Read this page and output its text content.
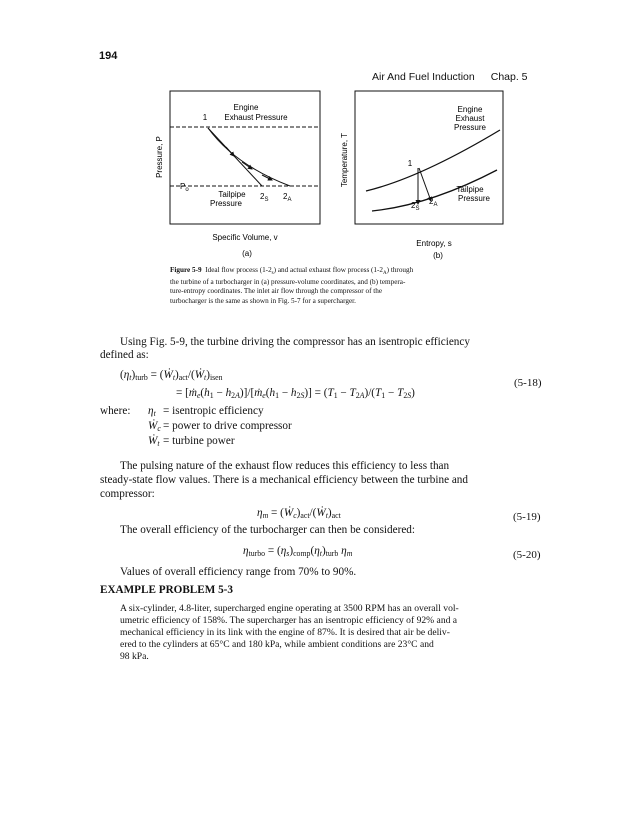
194
Air And Fuel Induction Chap. 5
Engine
Exhaust Pressure
1
$P_o$	Tailpipe
Pressure
$2_S$ $2_A$
Pressure, P
Specific Volume, v
(a)
Engine
Exhaust
Pressure
1
Tailpipe
Pressure
$2_S$
$2_A$
Temperature, T
Entropy, s
(b)
Figure 5-9 Ideal flow process $(1-2_s)$ and actual exhaust flow process $(1-2_A)$ through
the turbine of a turbocharger in (a) pressure-volume coordinates, and (b) tempera-
ture-entropy coordinates. The inlet air flow through the compressor of the
turbocharger is the same as shown in Fig. 5-7 for a supercharger.
Using Fig. 5-9, the turbine driving the compressor has an isentropic efficiency
defined as:
$(\eta_t)_{turb}$ = $(Ẇ_t)_{act}/(Ẇ_t)_{isen}$	(5-18)
= [$ṁ_e(h_1$ − $h_{2A})]/[ṁ_e(h_1 - h_{2S})] = (T_1 - T_{2A})/(T_1 - T_{2S})$
where: $\eta_t$ = isentropic efficiency
Ẇ$_c$ = power to drive compressor
Ẇ$_t$ = turbine power
The pulsing nature of the exhaust flow reduces this efficiency to less than
steady-state flow values. There is a mechanical efficiency between the turbine and
compressor:
$\eta_m$ = $(Ẇ_c)_{act}/(Ẇ_t)_{act}$	(5-19)
The overall efficiency of the turbocharger can then be considered:
$\eta_{turbo} = (\eta_s)_{comp}(\eta_t)_{turb}$ $\eta_m$	(5-20)
Values of overall efficiency range from 70% to 90%.
EXAMPLE PROBLEM 5-3
A six-cylinder, 4.8-liter, supercharged engine operating at 3500 RPM has an overall vol-
umetric efficiency of 158%. The supercharger has an isentropic efficiency of 92% and a
mechanical efficiency in its link with the engine of 87%. It is desired that air be deliv-
ered to the cylinders at 65°C and 180 kPa, while ambient conditions are 23°C and
98 kPa.
